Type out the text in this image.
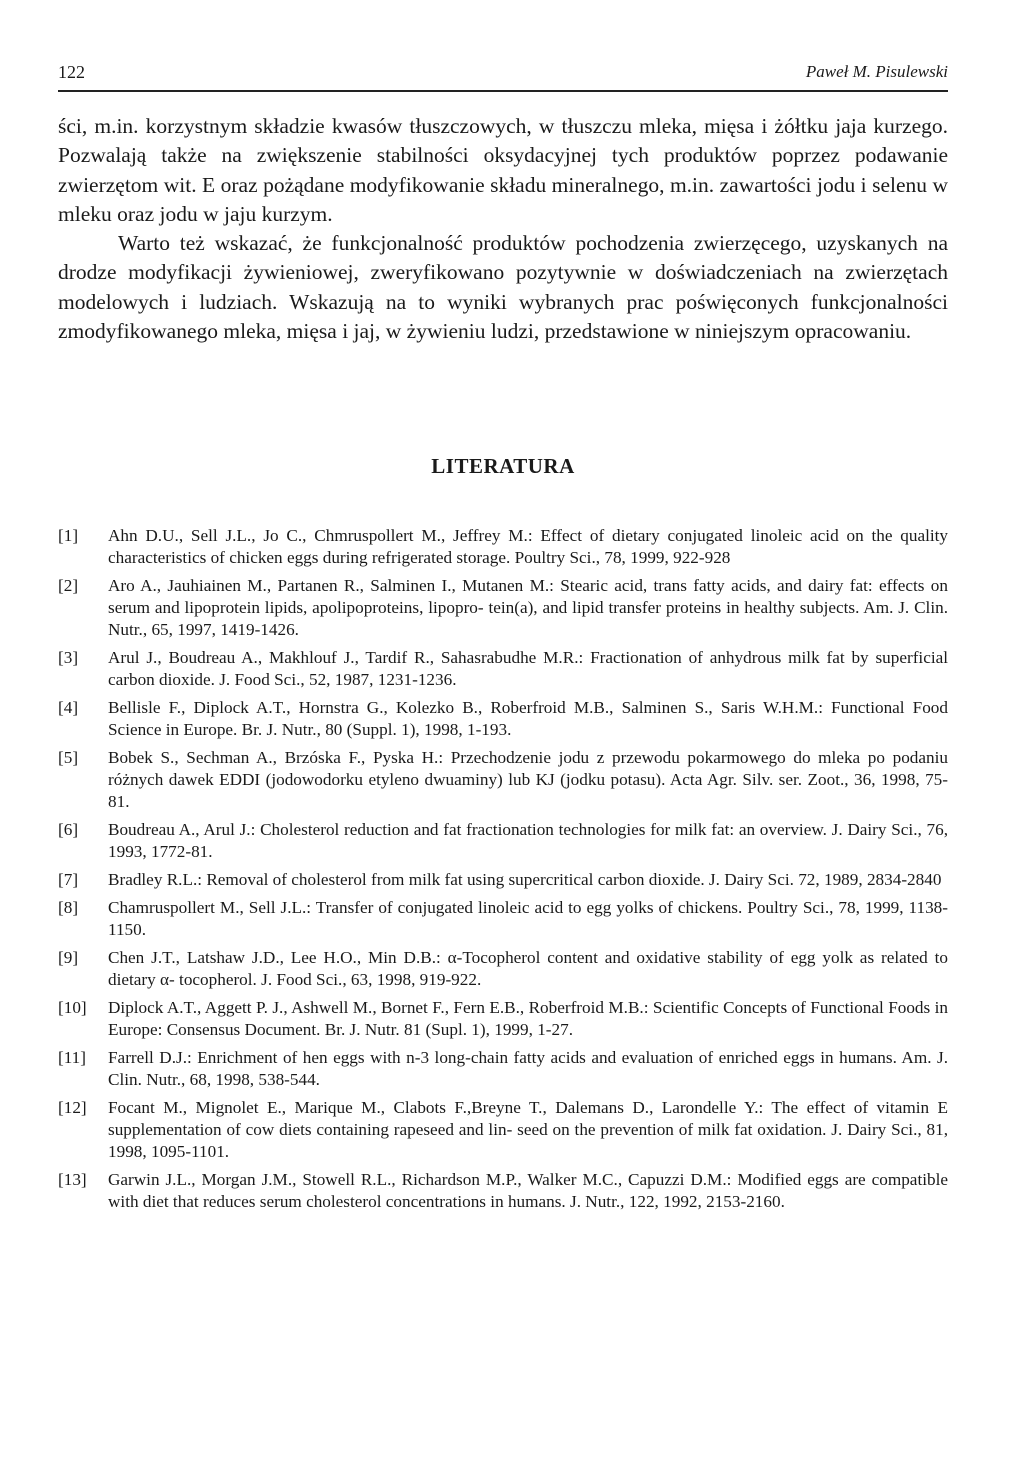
122	Paweł M. Pisulewski

ści, m.in. korzystnym składzie kwasów tłuszczowych, w tłuszczu mleka, mięsa i żółtku jaja kurzego. Pozwalają także na zwiększenie stabilności oksydacyjnej tych produktów poprzez podawanie zwierzętom wit. E oraz pożądane modyfikowanie składu mineralnego, m.in. zawartości jodu i selenu w mleku oraz jodu w jaju kurzym.
Warto też wskazać, że funkcjonalność produktów pochodzenia zwierzęcego, uzyskanych na drodze modyfikacji żywieniowej, zweryfikowano pozytywnie w doświadczeniach na zwierzętach modelowych i ludziach. Wskazują na to wyniki wybranych prac poświęconych funkcjonalności zmodyfikowanego mleka, mięsa i jaj, w żywieniu ludzi, przedstawione w niniejszym opracowaniu.

LITERATURA
[1] Ahn D.U., Sell J.L., Jo C., Chmruspollert M., Jeffrey M.: Effect of dietary conjugated linoleic acid on the quality characteristics of chicken eggs during refrigerated storage. Poultry Sci., 78, 1999, 922-928
[2] Aro A., Jauhiainen M., Partanen R., Salminen I., Mutanen M.: Stearic acid, trans fatty acids, and dairy fat: effects on serum and lipoprotein lipids, apolipoproteins, lipopro- tein(a), and lipid transfer proteins in healthy subjects. Am. J. Clin. Nutr., 65, 1997, 1419-1426.
[3] Arul J., Boudreau A., Makhlouf J., Tardif R., Sahasrabudhe M.R.: Fractionation of anhydrous milk fat by superficial carbon dioxide. J. Food Sci., 52, 1987, 1231-1236.
[4] Bellisle F., Diplock A.T., Hornstra G., Kolezko B., Roberfroid M.B., Salminen S., Saris W.H.M.: Functional Food Science in Europe. Br. J. Nutr., 80 (Suppl. 1), 1998, 1-193.
[5] Bobek S., Sechman A., Brzóska F., Pyska H.: Przechodzenie jodu z przewodu pokarmowego do mleka po podaniu różnych dawek EDDI (jodowodorku etyleno dwuaminy) lub KJ (jodku potasu). Acta Agr. Silv. ser. Zoot., 36, 1998, 75-81.
[6] Boudreau A., Arul J.: Cholesterol reduction and fat fractionation technologies for milk fat: an overview. J. Dairy Sci., 76, 1993, 1772-81.
[7] Bradley R.L.: Removal of cholesterol from milk fat using supercritical carbon dioxide. J. Dairy Sci. 72, 1989, 2834-2840
[8] Chamruspollert M., Sell J.L.: Transfer of conjugated linoleic acid to egg yolks of chickens. Poultry Sci., 78, 1999, 1138-1150.
[9] Chen J.T., Latshaw J.D., Lee H.O., Min D.B.: α-Tocopherol content and oxidative stability of egg yolk as related to dietary α- tocopherol. J. Food Sci., 63, 1998, 919-922.
[10] Diplock A.T., Aggett P. J., Ashwell M., Bornet F., Fern E.B., Roberfroid M.B.: Scientific Concepts of Functional Foods in Europe: Consensus Document. Br. J. Nutr. 81 (Supl. 1), 1999, 1-27.
[11] Farrell D.J.: Enrichment of hen eggs with n-3 long-chain fatty acids and evaluation of enriched eggs in humans. Am. J. Clin. Nutr., 68, 1998, 538-544.
[12] Focant M., Mignolet E., Marique M., Clabots F.,Breyne T., Dalemans D., Larondelle Y.: The effect of vitamin E supplementation of cow diets containing rapeseed and lin- seed on the prevention of milk fat oxidation. J. Dairy Sci., 81, 1998, 1095-1101.
[13] Garwin J.L., Morgan J.M., Stowell R.L., Richardson M.P., Walker M.C., Capuzzi D.M.: Modified eggs are compatible with diet that reduces serum cholesterol concentrations in humans. J. Nutr., 122, 1992, 2153-2160.
